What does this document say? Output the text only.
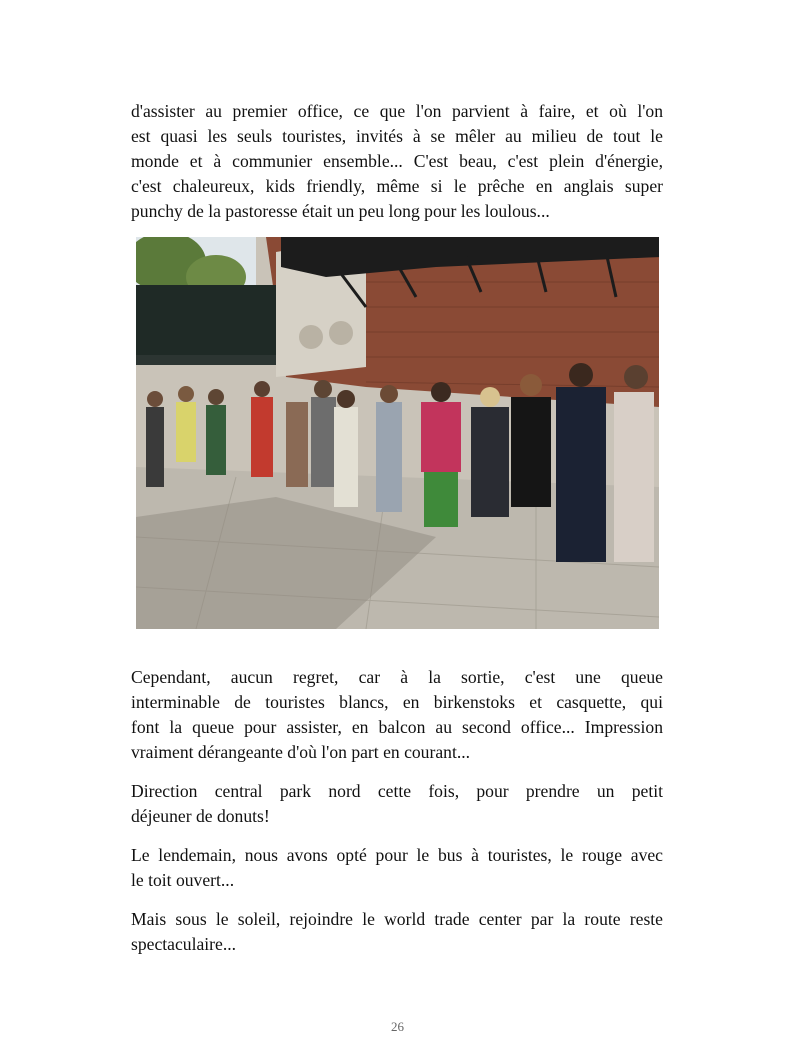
d'assister au premier office, ce que l'on parvient à faire, et où l'on
est quasi les seuls touristes, invités à se mêler au milieu de tout le
monde et à communier ensemble... C'est beau, c'est plein d'énergie,
c'est chaleureux, kids friendly, même si le prêche en anglais super
punchy de la pastoresse était un peu long pour les loulous...
Cependant, aucun regret, car à la sortie, c'est une queue
interminable de touristes blancs, en birkenstoks et casquette, qui
font la queue pour assister, en balcon au second office... Impression
vraiment dérangeante d'où l'on part en courant...
Direction central park nord cette fois, pour prendre un petit
déjeuner de donuts!
Le lendemain, nous avons opté pour le bus à touristes, le rouge avec
le toit ouvert...
Mais sous le soleil, rejoindre le world trade center par la route reste
spectaculaire...
26
